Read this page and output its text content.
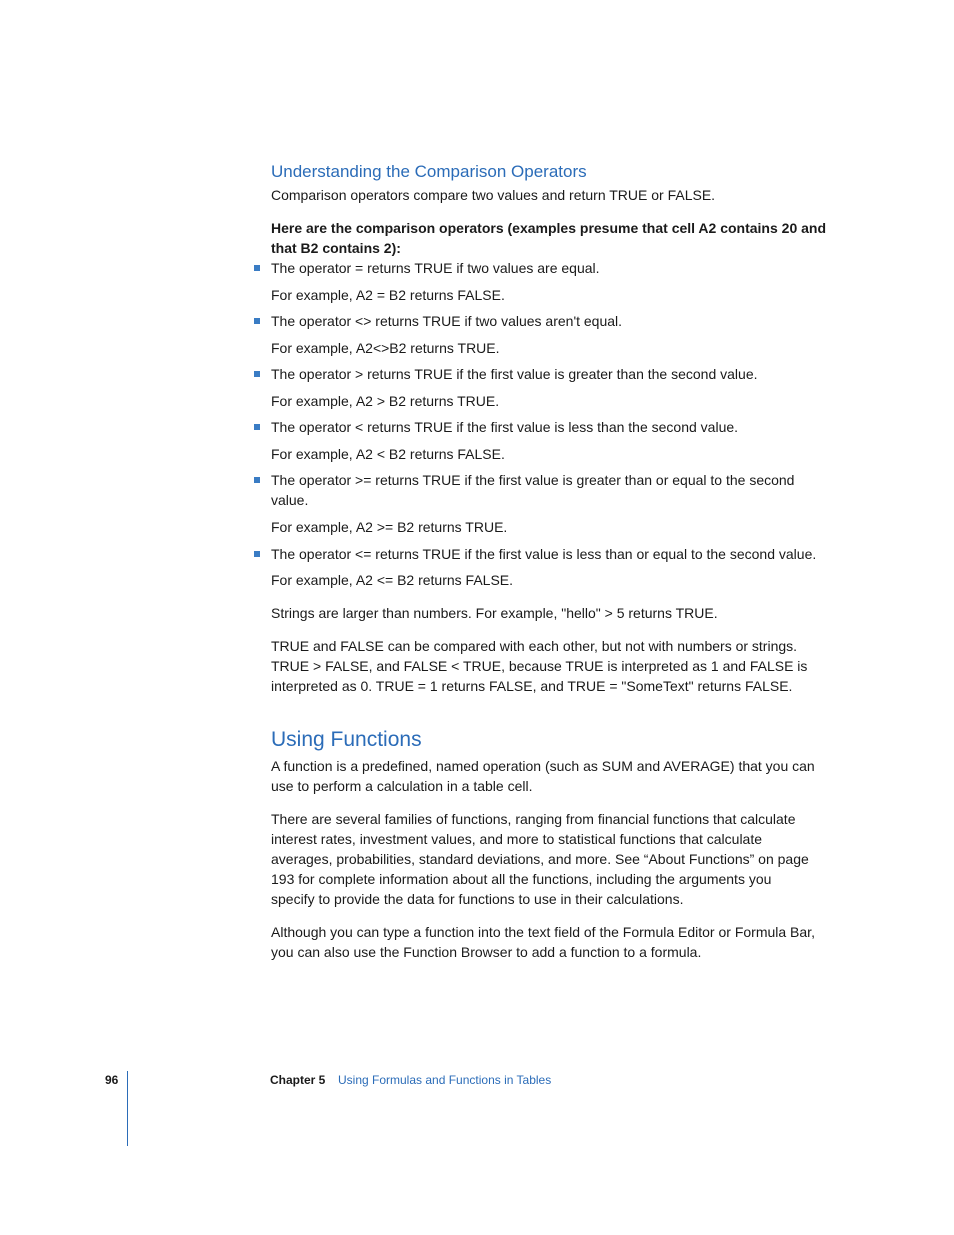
Understanding the Comparison Operators

Comparison operators compare two values and return TRUE or FALSE.

Here are the comparison operators (examples presume that cell A2 contains 20 and that B2 contains 2):

The operator = returns TRUE if two values are equal.

For example, A2 = B2 returns FALSE.

The operator <> returns TRUE if two values aren't equal.

For example, A2<>B2 returns TRUE.

The operator > returns TRUE if the first value is greater than the second value.

For example, A2 > B2 returns TRUE.

The operator < returns TRUE if the first value is less than the second value.

For example, A2 < B2 returns FALSE.

The operator >= returns TRUE if the first value is greater than or equal to the second value.

For example, A2 >= B2 returns TRUE.

The operator <= returns TRUE if the first value is less than or equal to the second value.

For example, A2 <= B2 returns FALSE.

Strings are larger than numbers. For example, "hello" > 5 returns TRUE.

TRUE and FALSE can be compared with each other, but not with numbers or strings. TRUE > FALSE, and FALSE < TRUE, because TRUE is interpreted as 1 and FALSE is interpreted as 0. TRUE = 1 returns FALSE, and TRUE = "SomeText" returns FALSE.

Using Functions

A function is a predefined, named operation (such as SUM and AVERAGE) that you can use to perform a calculation in a table cell.

There are several families of functions, ranging from financial functions that calculate interest rates, investment values, and more to statistical functions that calculate averages, probabilities, standard deviations, and more. See “About Functions” on page 193 for complete information about all the functions, including the arguments you specify to provide the data for functions to use in their calculations.

Although you can type a function into the text field of the Formula Editor or Formula Bar, you can also use the Function Browser to add a function to a formula.

96	Chapter 5 Using Formulas and Functions in Tables
